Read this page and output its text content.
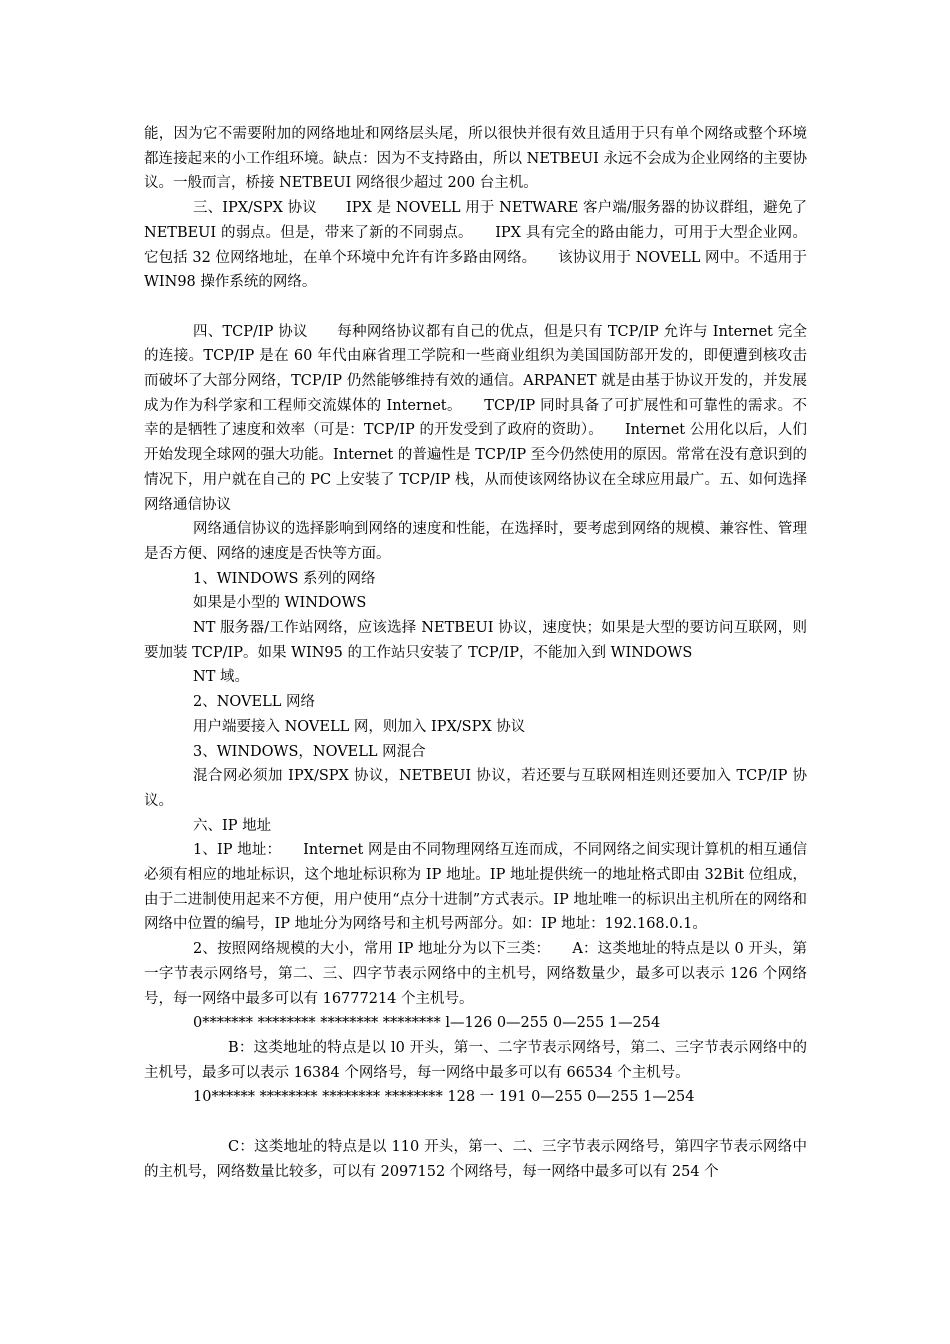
能，因为它不需要附加的网络地址和网络层头尾，所以很快并很有效且适用于只有单个网络或整个环境都连接起来的小工作组环境。缺点：因为不支持路由，所以 NETBEUI 永远不会成为企业网络的主要协议。一般而言，桥接 NETBEUI 网络很少超过 200 台主机。

三、IPX/SPX 协议　　IPX 是 NOVELL 用于 NETWARE 客户端/服务器的协议群组，避免了 NETBEUI 的弱点。但是，带来了新的不同弱点。　　IPX 具有完全的路由能力，可用于大型企业网。它包括 32 位网络地址，在单个环境中允许有许多路由网络。　　该协议用于 NOVELL 网中。不适用于 WIN98 操作系统的网络。

四、TCP/IP 协议　　每种网络协议都有自己的优点，但是只有 TCP/IP 允许与 Internet 完全的连接。TCP/IP 是在 60 年代由麻省理工学院和一些商业组织为美国国防部开发的，即便遭到核攻击而破坏了大部分网络，TCP/IP 仍然能够维持有效的通信。ARPANET 就是由基于协议开发的，并发展成为作为科学家和工程师交流媒体的 Internet。　　TCP/IP 同时具备了可扩展性和可靠性的需求。不幸的是牺牲了速度和效率（可是：TCP/IP 的开发受到了政府的资助）。　　Internet 公用化以后，人们开始发现全球网的强大功能。Internet 的普遍性是 TCP/IP 至今仍然使用的原因。常常在没有意识到的情况下，用户就在自己的 PC 上安装了 TCP/IP 栈，从而使该网络协议在全球应用最广。五、如何选择网络通信协议

网络通信协议的选择影响到网络的速度和性能，在选择时，要考虑到网络的规模、兼容性、管理是否方便、网络的速度是否快等方面。

1、WINDOWS 系列的网络

如果是小型的 WINDOWS

NT 服务器/工作站网络，应该选择 NETBEUI 协议，速度快；如果是大型的要访问互联网，则要加装 TCP/IP。如果 WIN95 的工作站只安装了 TCP/IP，不能加入到 WINDOWS

NT 域。

2、NOVELL 网络

用户端要接入 NOVELL 网，则加入 IPX/SPX 协议

3、WINDOWS，NOVELL 网混合

混合网必须加 IPX/SPX 协议，NETBEUI 协议，若还要与互联网相连则还要加入 TCP/IP 协议。

六、IP 地址

1、IP 地址：　　Internet 网是由不同物理网络互连而成，不同网络之间实现计算机的相互通信必须有相应的地址标识，这个地址标识称为 IP 地址。IP 地址提供统一的地址格式即由 32Bit 位组成，由于二进制使用起来不方便，用户使用“点分十进制”方式表示。IP 地址唯一的标识出主机所在的网络和网络中位置的编号，IP 地址分为网络号和主机号两部分。如：IP 地址：192.168.0.1。

2、按照网络规模的大小，常用 IP 地址分为以下三类：　　A：这类地址的特点是以 0 开头，第一字节表示网络号，第二、三、四字节表示网络中的主机号，网络数量少，最多可以表示 126 个网络号，每一网络中最多可以有 16777214 个主机号。

0******* ******** ******** ******** l—126 0—255 0—255 1—254

B：这类地址的特点是以 l0 开头，第一、二字节表示网络号，第二、三字节表示网络中的主机号，最多可以表示 16384 个网络号，每一网络中最多可以有 66534 个主机号。

10****** ******** ******** ******** 128 一 191 0—255 0—255 1—254

C：这类地址的特点是以 110 开头，第一、二、三字节表示网络号，第四字节表示网络中的主机号，网络数量比较多，可以有 2097152 个网络号，每一网络中最多可以有 254 个
